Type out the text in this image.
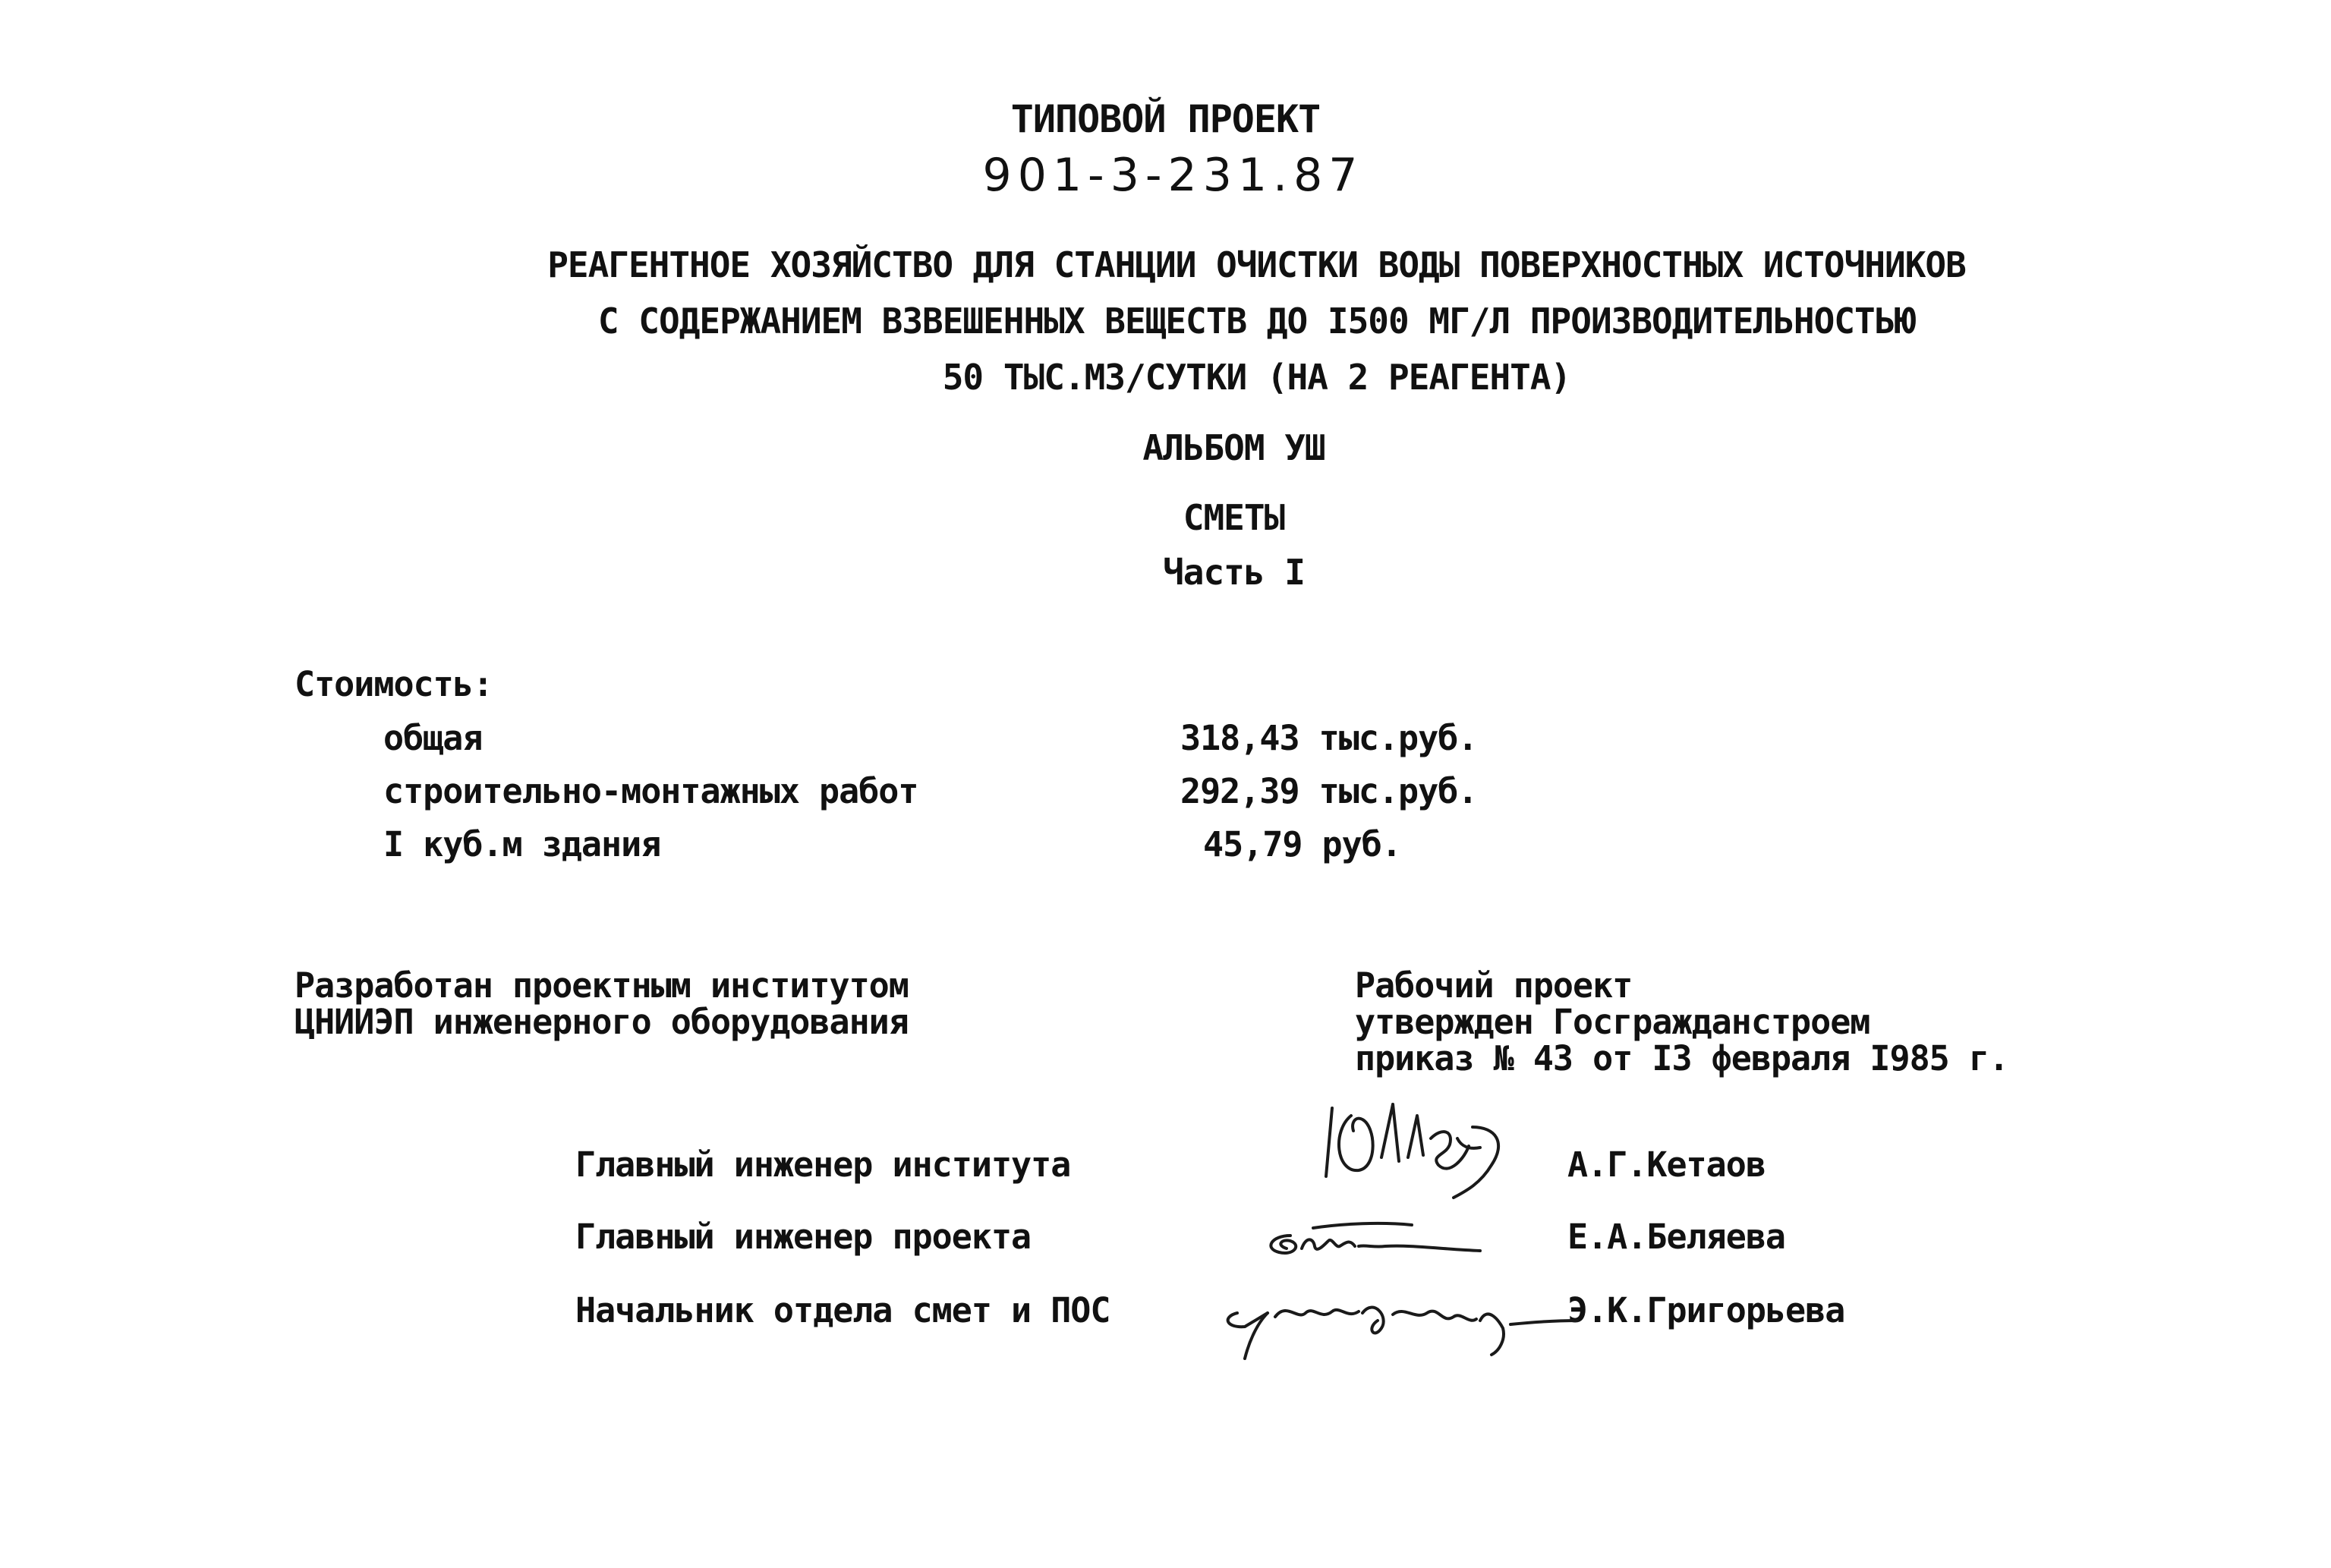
ТИПОВОЙ ПРОЕКТ
901-3-231.87
РЕАГЕНТНОЕ ХОЗЯЙСТВО ДЛЯ СТАНЦИИ ОЧИСТКИ ВОДЫ ПОВЕРХНОСТНЫХ ИСТОЧНИКОВ
С СОДЕРЖАНИЕМ ВЗВЕШЕННЫХ ВЕЩЕСТВ ДО I500 МГ/Л ПРОИЗВОДИТЕЛЬНОСТЬЮ
50 ТЫС.М3/СУТКИ (НА 2 РЕАГЕНТА)
АЛЬБОМ УШ
СМЕТЫ
Часть I
Стоимость:
общая	318,43 тыс.руб.
строительно-монтажных работ	292,39 тыс.руб.
I куб.м здания	45,79 руб.
Разработан проектным институтом
ЦНИИЭП инженерного оборудования
Рабочий проект
утвержден Госгражданстроем
приказ № 43 от I3 февраля I985 г.
Главный инженер института	А.Г.Кетаов
Главный инженер проекта	Е.А.Беляева
Начальник отдела смет и ПОС	Э.К.Григорьева
